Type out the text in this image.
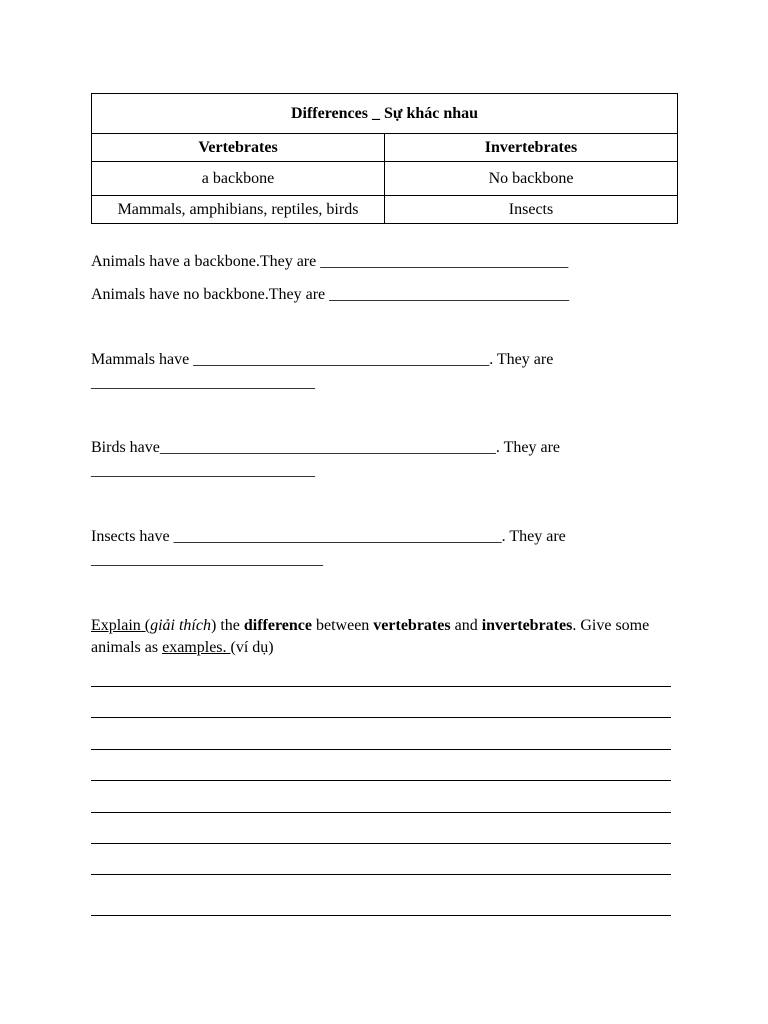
Differences _ Sự khác nhau	
Vertebrates	Invertebrates
a backbone	No backbone
Mammals, amphibians, reptiles, birds	Insects
Animals have a backbone.They are _______________________________
Animals have no backbone.They are ______________________________
Mammals have _____________________________________. They are
____________________________
Birds have__________________________________________. They are
____________________________
Insects have _________________________________________. They are
_____________________________
Explain (giải thích) the difference between vertebrates and invertebrates. Give some animals as examples. (ví dụ)
